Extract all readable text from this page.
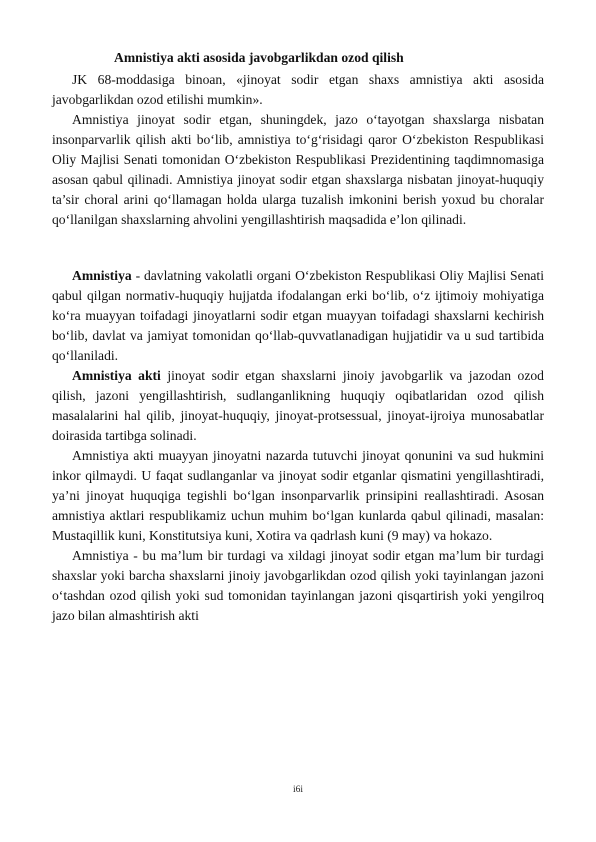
Amnistiya akti asosida javobgarlikdan ozod qilish

JK 68-moddasiga binoan, «jinoyat sodir etgan shaxs amnistiya akti asosida javobgarlikdan ozod etilishi mumkin».

Amnistiya jinoyat sodir etgan, shuningdek, jazo o‘tayotgan shaxslarga nisbatan insonparvarlik qilish akti bo‘lib, amnistiya to‘g‘risidagi qaror O‘zbekiston Respublikasi Oliy Majlisi Senati tomonidan O‘zbekiston Respublikasi Prezidentining taqdimnomasiga asosan qabul qilinadi. Amnistiya jinoyat sodir etgan shaxslarga nisbatan jinoyat-huquqiy ta’sir choral arini qo‘llamagan holda ularga tuzalish imkonini berish yoxud bu choralar qo‘llanilgan shaxslarning ahvolini yengillashtirish maqsadida e’lon qilinadi.

Amnistiya - davlatning vakolatli organi O‘zbekiston Respublikasi Oliy Majlisi Senati qabul qilgan normativ-huquqiy hujjatda ifodalangan erki bo‘lib, o‘z ijtimoiy mohiyatiga ko‘ra muayyan toifadagi jinoyatlarni sodir etgan muayyan toifadagi shaxslarni kechirish bo‘lib, davlat va jamiyat tomonidan qo‘llab-quvvatlanadigan hujjatidir va u sud tartibida qo‘llaniladi.

Amnistiya akti jinoyat sodir etgan shaxslarni jinoiy javobgarlik va jazodan ozod qilish, jazoni yengillashtirish, sudlanganlikning huquqiy oqibatlaridan ozod qilish masalalarini hal qilib, jinoyat-huquqiy, jinoyat-protsessual, jinoyat-ijroiya munosabatlar doirasida tartibga solinadi.

Amnistiya akti muayyan jinoyatni nazarda tutuvchi jinoyat qonunini va sud hukmini inkor qilmaydi. U faqat sudlanganlar va jinoyat sodir etganlar qismatini yengillashtiradi, ya’ni jinoyat huquqiga tegishli bo‘lgan insonparvarlik prinsipini reallashtiradi. Asosan amnistiya aktlari respublikamiz uchun muhim bo‘lgan kunlarda qabul qilinadi, masalan: Mustaqillik kuni, Konstitutsiya kuni, Xotira va qadrlash kuni (9 may) va hokazo.

Amnistiya - bu ma’lum bir turdagi va xildagi jinoyat sodir etgan ma’lum bir turdagi shaxslar yoki barcha shaxslarni jinoiy javobgarlikdan ozod qilish yoki tayinlangan jazoni o‘tashdan ozod qilish yoki sud tomonidan tayinlangan jazoni qisqartirish yoki yengilroq jazo bilan almashtirish akti

i6i
